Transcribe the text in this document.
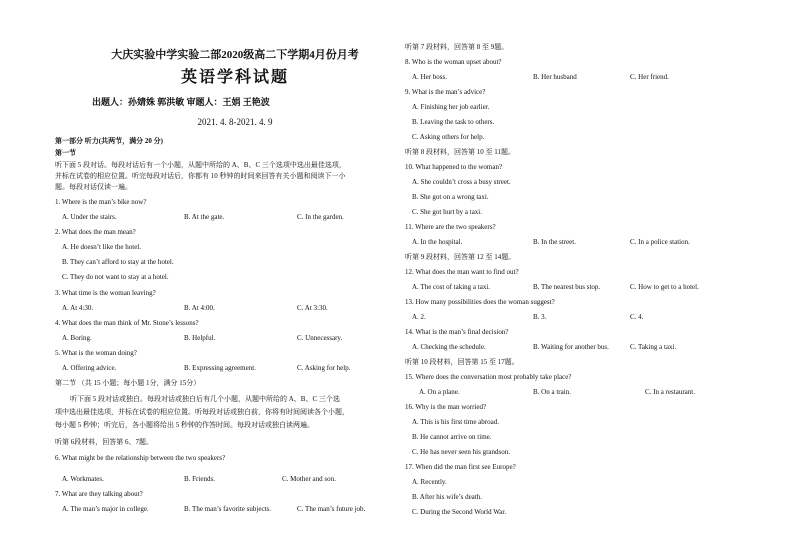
大庆实验中学实验二部2020级高二下学期4月份月考
英语学科试题
出题人：孙婧姝 郭洪敏 审题人：王娟 王艳波
2021. 4. 8-2021. 4. 9
第一部分 听力(共两节，满分 20 分)
第一节
听下面 5 段对话。每段对话后有一个小题，从题中所给的 A、B、C 三个选项中选出最佳选项，
并标在试卷的相应位置。听完每段对话后，你都有 10 秒钟的时间来回答有关小题和阅读下一小
题。每段对话仅读一遍。
1. Where is the man’s bike now?
A. Under the stairs.	B. At the gate.	C. In the garden.
2. What does the man mean?
A. He doesn’t like the hotel.
B. They can’t afford to stay at the hotel.
C. They do not want to stay at a hotel.
3. What time is the woman leaving?
A. At 4:30.	B. At 4:00.	C. At 3:30.
4. What does the man think of Mr. Stone’s lessons?
A. Boring.	B. Helpful.	C. Unnecessary.
5. What is the woman doing?
A. Offering advice.	B. Expressing agreement.	C. Asking for help.
第二节 （共 15 小题；每小题 1分，满分 15分）
听下面 5 段对话或独白。每段对话或独白后有几个小题，从题中所给的 A、B、C 三个选
项中选出最佳选项，并标在试卷的相应位置。听每段对话或独白前，你将有时间阅读各个小题，
每小题 5 秒钟；听完后，各小题将给出 5 秒钟的作答时间。每段对话或独白读两遍。
听第 6段材料，回答第 6、7题。
6. What might be the relationship between the two speakers?
A. Workmates.	B. Friends.	C. Mother and son.
7. What are they talking about?
A. The man’s major in college.	B. The man’s favorite subjects.	C. The man’s future job.
听第 7 段材料，回答第 8 至 9题。
8. Who is the woman upset about?
A. Her boss.	B. Her husband	C. Her friend.
9. What is the man’s advice?
A. Finishing her job earlier.
B. Leaving the task to others.
C. Asking others for help.
听第 8 段材料，回答第 10 至 11题。
10. What happened to the woman?
A. She couldn’t cross a busy street.
B. She got on a wrong taxi.
C. She got hurt by a taxi.
11. Where are the two speakers?
A. In the hospital.	B. In the street.	C. In a police station.
听第 9 段材料，回答第 12 至 14题。
12. What does the man want to find out?
A. The cost of taking a taxi.	B. The nearest bus stop.	C. How to get to a hotel.
13. How many possibilities does the woman suggest?
A. 2.	B. 3.	C. 4.
14. What is the man’s final decision?
A. Checking the schedule.	B. Waiting for another bus.	C. Taking a taxi.
听第 10 段材料，回答第 15 至 17题。
15. Where does the conversation most probably take place?
A. On a plane.	B. On a train.	C. In a restaurant.
16. Why is the man worried?
A. This is his first time abroad.
B. He cannot arrive on time.
C. He has never seen his grandson.
17. When did the man first see Europe?
A. Recently.
B. After his wife’s death.
C. During the Second World War.
